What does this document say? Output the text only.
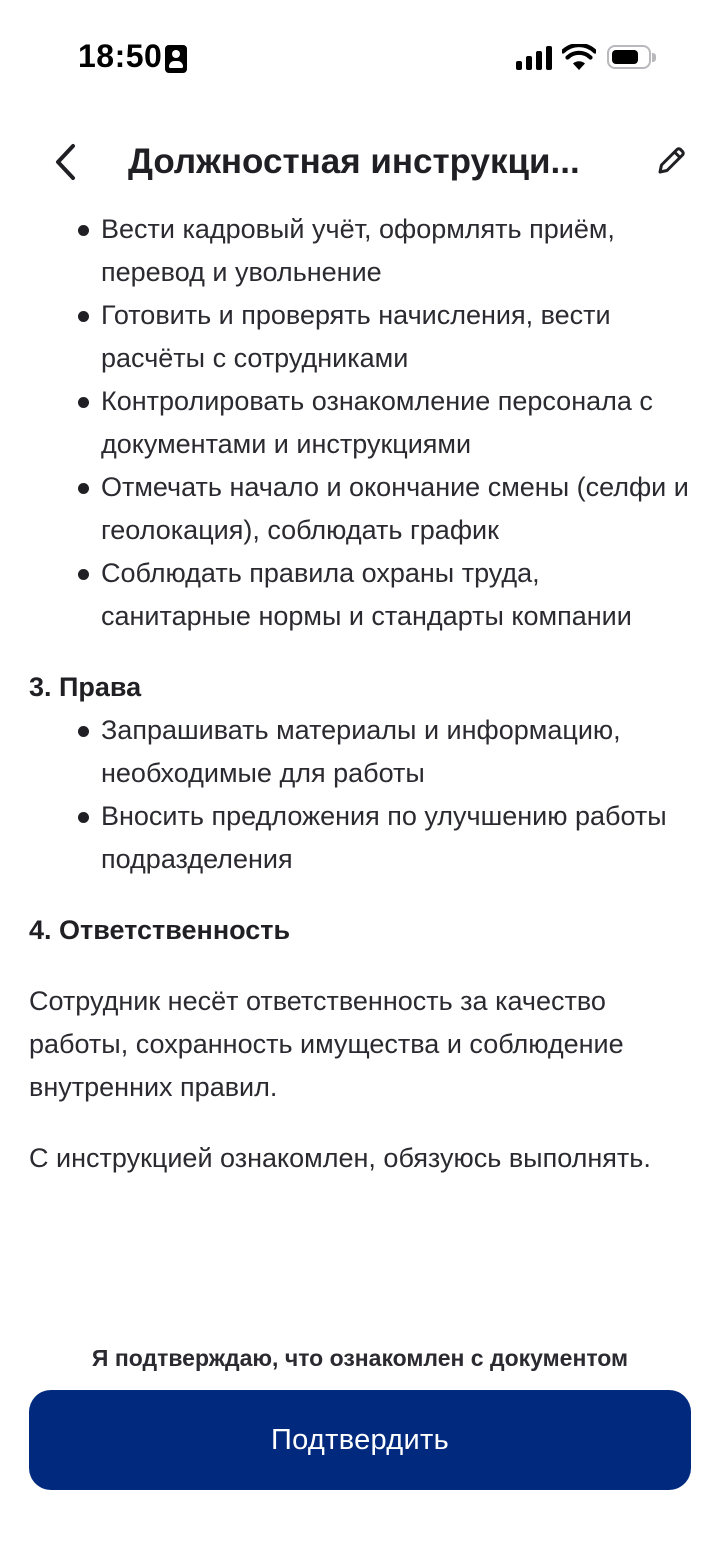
18:50
Должностная инструкци...
Вести кадровый учёт, оформлять приём, перевод и увольнение
Готовить и проверять начисления, вести расчёты с сотрудниками
Контролировать ознакомление персонала с документами и инструкциями
Отмечать начало и окончание смены (селфи и геолокация), соблюдать график
Соблюдать правила охраны труда, санитарные нормы и стандарты компании

3. Права

Запрашивать материалы и информацию, необходимые для работы
Вносить предложения по улучшению работы подразделения

4. Ответственность

Сотрудник несёт ответственность за качество работы, сохранность имущества и соблюдение внутренних правил.

С инструкцией ознакомлен, обязуюсь выполнять.

Я подтверждаю, что ознакомлен с документом
Подтвердить
